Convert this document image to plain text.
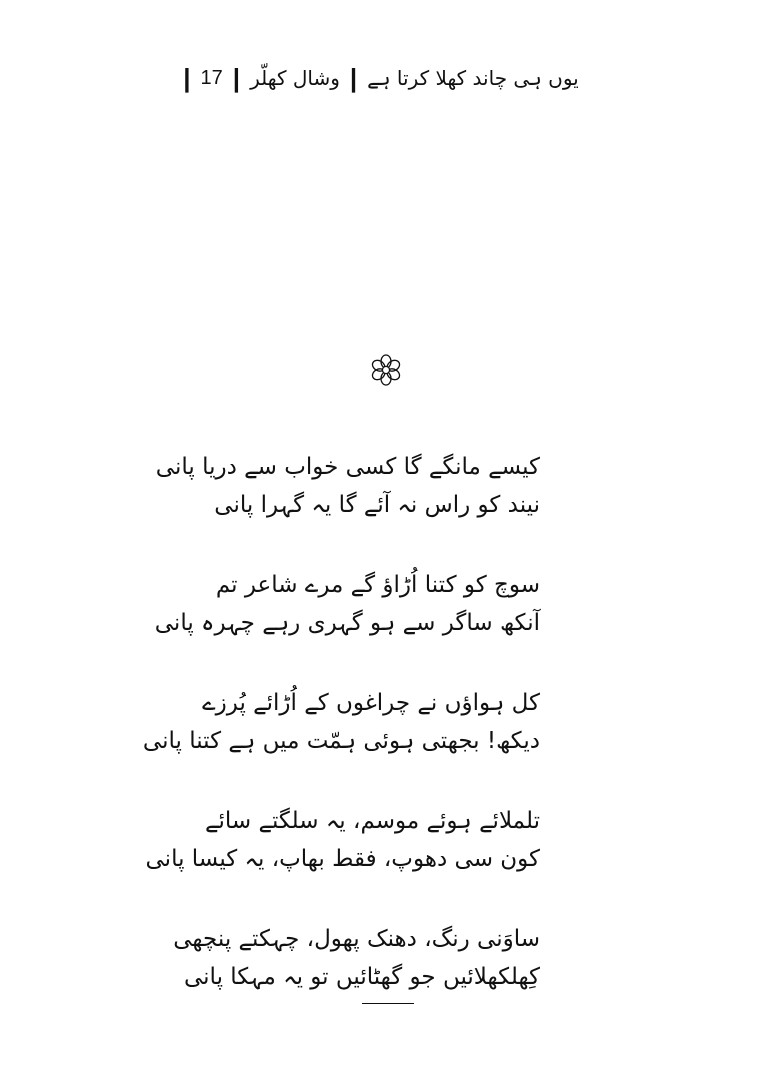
یوں ہی چاند کھلا کرتا ہے
|
وشال کھلّر
|
17
|
کیسے مانگے گا کسی خواب سے دریا پانی
نیند کو راس نہ آئے گا یہ گہرا پانی
سوچ کو کتنا اُڑاؤ گے مرے شاعر تم
آنکھ ساگر سے ہو گہری رہے چہرہ پانی
کل ہواؤں نے چراغوں کے اُڑائے پُرزے
دیکھ! بجھتی ہوئی ہمّت میں ہے کتنا پانی
تلملائے ہوئے موسم، یہ سلگتے سائے
کون سی دھوپ، فقط بھاپ، یہ کیسا پانی
ساوَنی رنگ، دھنک پھول، چہکتے پنچھی
کِھلکھلائیں جو گھٹائیں تو یہ مہکا پانی
